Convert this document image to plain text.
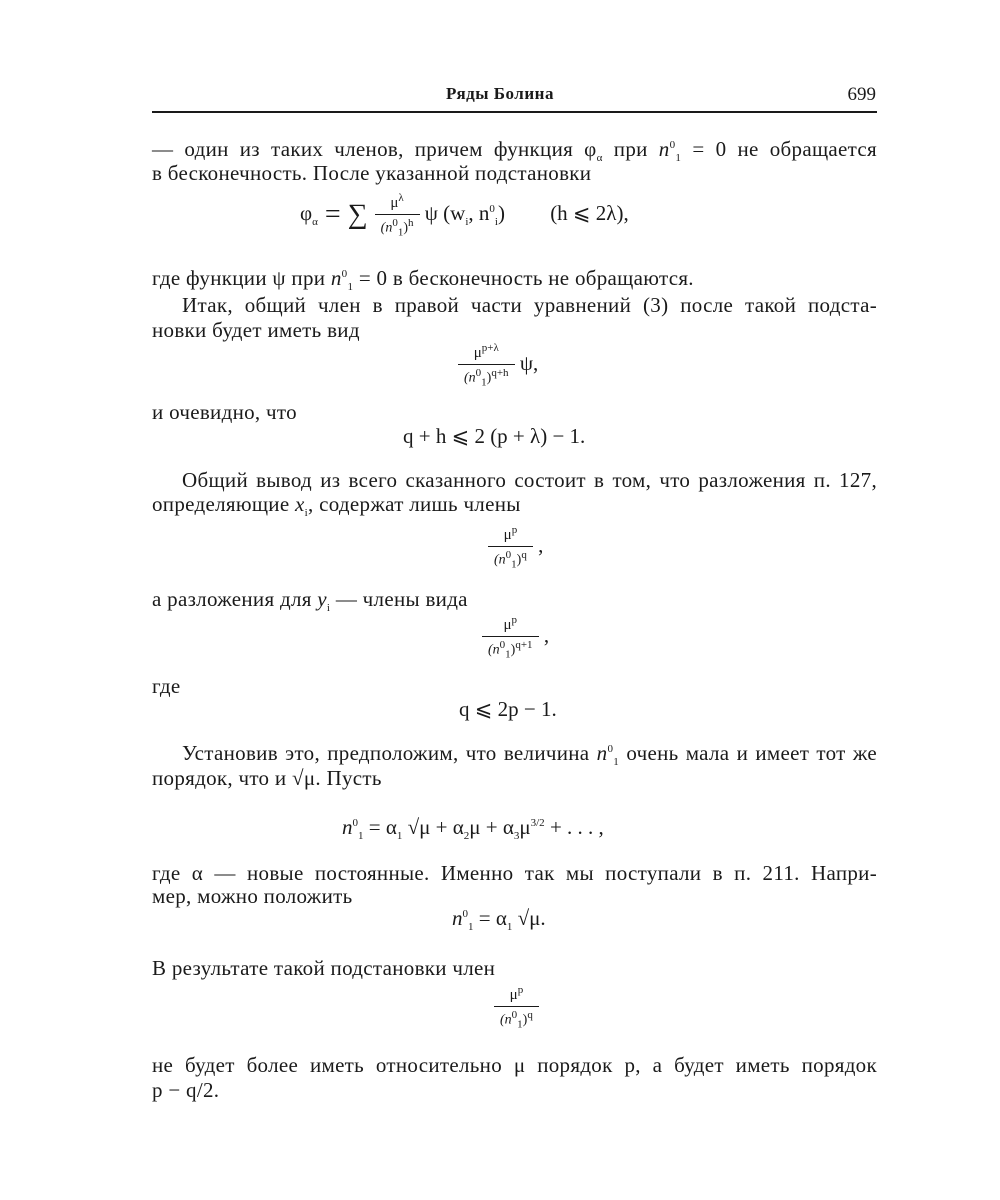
Ряды Болина	699
— один из таких членов, причем функция $\varphi_\alpha$ при $n^0_1 = 0$ не обращается
в бесконечность. После указанной подстановки
$\varphi_\alpha$ = ∑ $\frac{\mu^\lambda}{(n^0_1)^h}$ ψ ($w_i$, $n^0_i$) (h ⩽ 2λ),
где функции ψ при $n^0_1 = 0$ в бесконечность не обращаются.
Итак, общий член в правой части уравнений (3) после такой подста-
новки будет иметь вид
$\frac{\mu^{p+\lambda}}{(n^0_1)^{q+h}} \psi$,
и очевидно, что
q + h ⩽ 2 (p + λ) − 1.
Общий вывод из всего сказанного состоит в том, что разложения п. 127,
определяющие $x_i$, содержат лишь члены
$\frac{\mu^p}{(n^0_1)^q}$ ,
а разложения для $y_i$ — члены вида
$\frac{\mu^p}{(n^0_1)^{q+1}}$ ,
где
q ⩽ 2p − 1.
Установив это, предположим, что величина $n^0_1$ очень мала и имеет тот же
порядок, что и √μ. Пусть
$n^0_1 = \alpha_1$ $√\mu + \alpha_2\mu + \alpha_3\mu^{3/2}$ + . . . ,
где α — новые постоянные. Именно так мы поступали в п. 211. Напри-
мер, можно положить
$n^0_1 = \alpha_1$ √μ.
В результате такой подстановки член
$\frac{\mu^p}{(n^0_1)^q}$
не будет более иметь относительно μ порядок p, а будет иметь порядок
p − q/2.
